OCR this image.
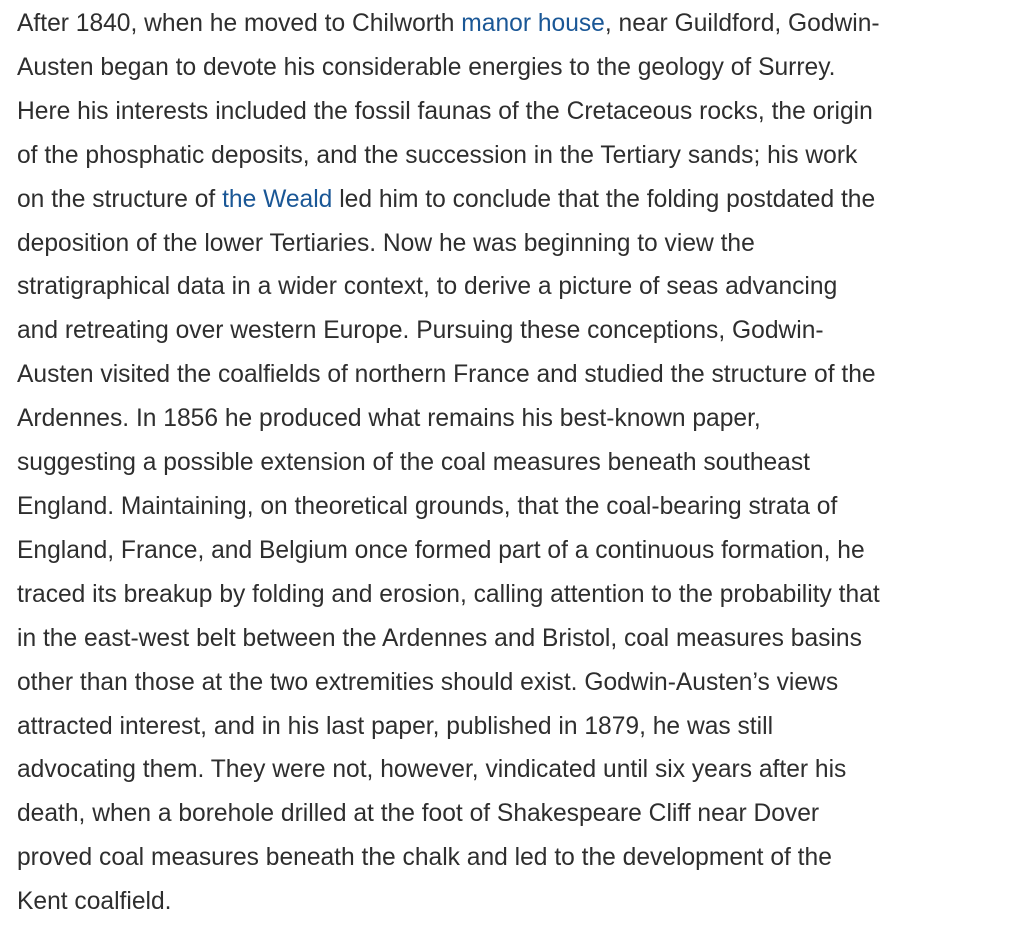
After 1840, when he moved to Chilworth manor house, near Guildford, Godwin-
Austen began to devote his considerable energies to the geology of Surrey.
Here his interests included the fossil faunas of the Cretaceous rocks, the origin
of the phosphatic deposits, and the succession in the Tertiary sands; his work
on the structure of the Weald led him to conclude that the folding postdated the
deposition of the lower Tertiaries. Now he was beginning to view the
stratigraphical data in a wider context, to derive a picture of seas advancing
and retreating over western Europe. Pursuing these conceptions, Godwin-
Austen visited the coalfields of northern France and studied the structure of the
Ardennes. In 1856 he produced what remains his best-known paper,
suggesting a possible extension of the coal measures beneath southeast
England. Maintaining, on theoretical grounds, that the coal-bearing strata of
England, France, and Belgium once formed part of a continuous formation, he
traced its breakup by folding and erosion, calling attention to the probability that
in the east-west belt between the Ardennes and Bristol, coal measures basins
other than those at the two extremities should exist. Godwin-Austen’s views
attracted interest, and in his last paper, published in 1879, he was still
advocating them. They were not, however, vindicated until six years after his
death, when a borehole drilled at the foot of Shakespeare Cliff near Dover
proved coal measures beneath the chalk and led to the development of the
Kent coalfield.
